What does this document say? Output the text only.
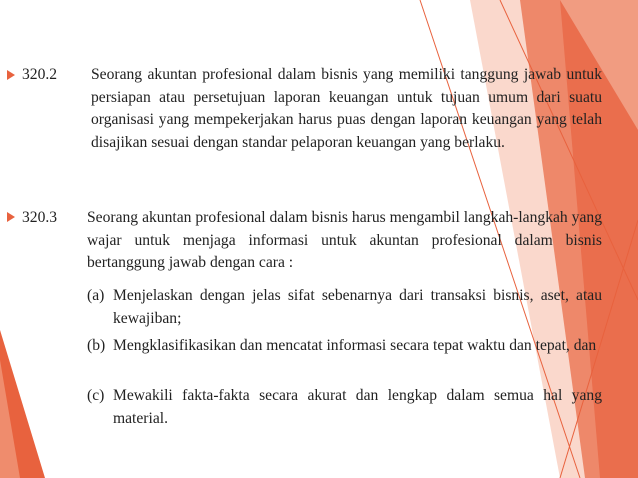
320.2 Seorang akuntan profesional dalam bisnis yang memiliki tanggung jawab untuk persiapan atau persetujuan laporan keuangan untuk tujuan umum dari suatu organisasi yang mempekerjakan harus puas dengan laporan keuangan yang telah disajikan sesuai dengan standar pelaporan keuangan yang berlaku.
320.3 Seorang akuntan profesional dalam bisnis harus mengambil langkah-langkah yang wajar untuk menjaga informasi untuk akuntan profesional dalam bisnis bertanggung jawab dengan cara :
(a) Menjelaskan dengan jelas sifat sebenarnya dari transaksi bisnis, aset, atau kewajiban;
(b) Mengklasifikasikan dan mencatat informasi secara tepat waktu dan tepat, dan
(c) Mewakili fakta-fakta secara akurat dan lengkap dalam semua hal yang material.
